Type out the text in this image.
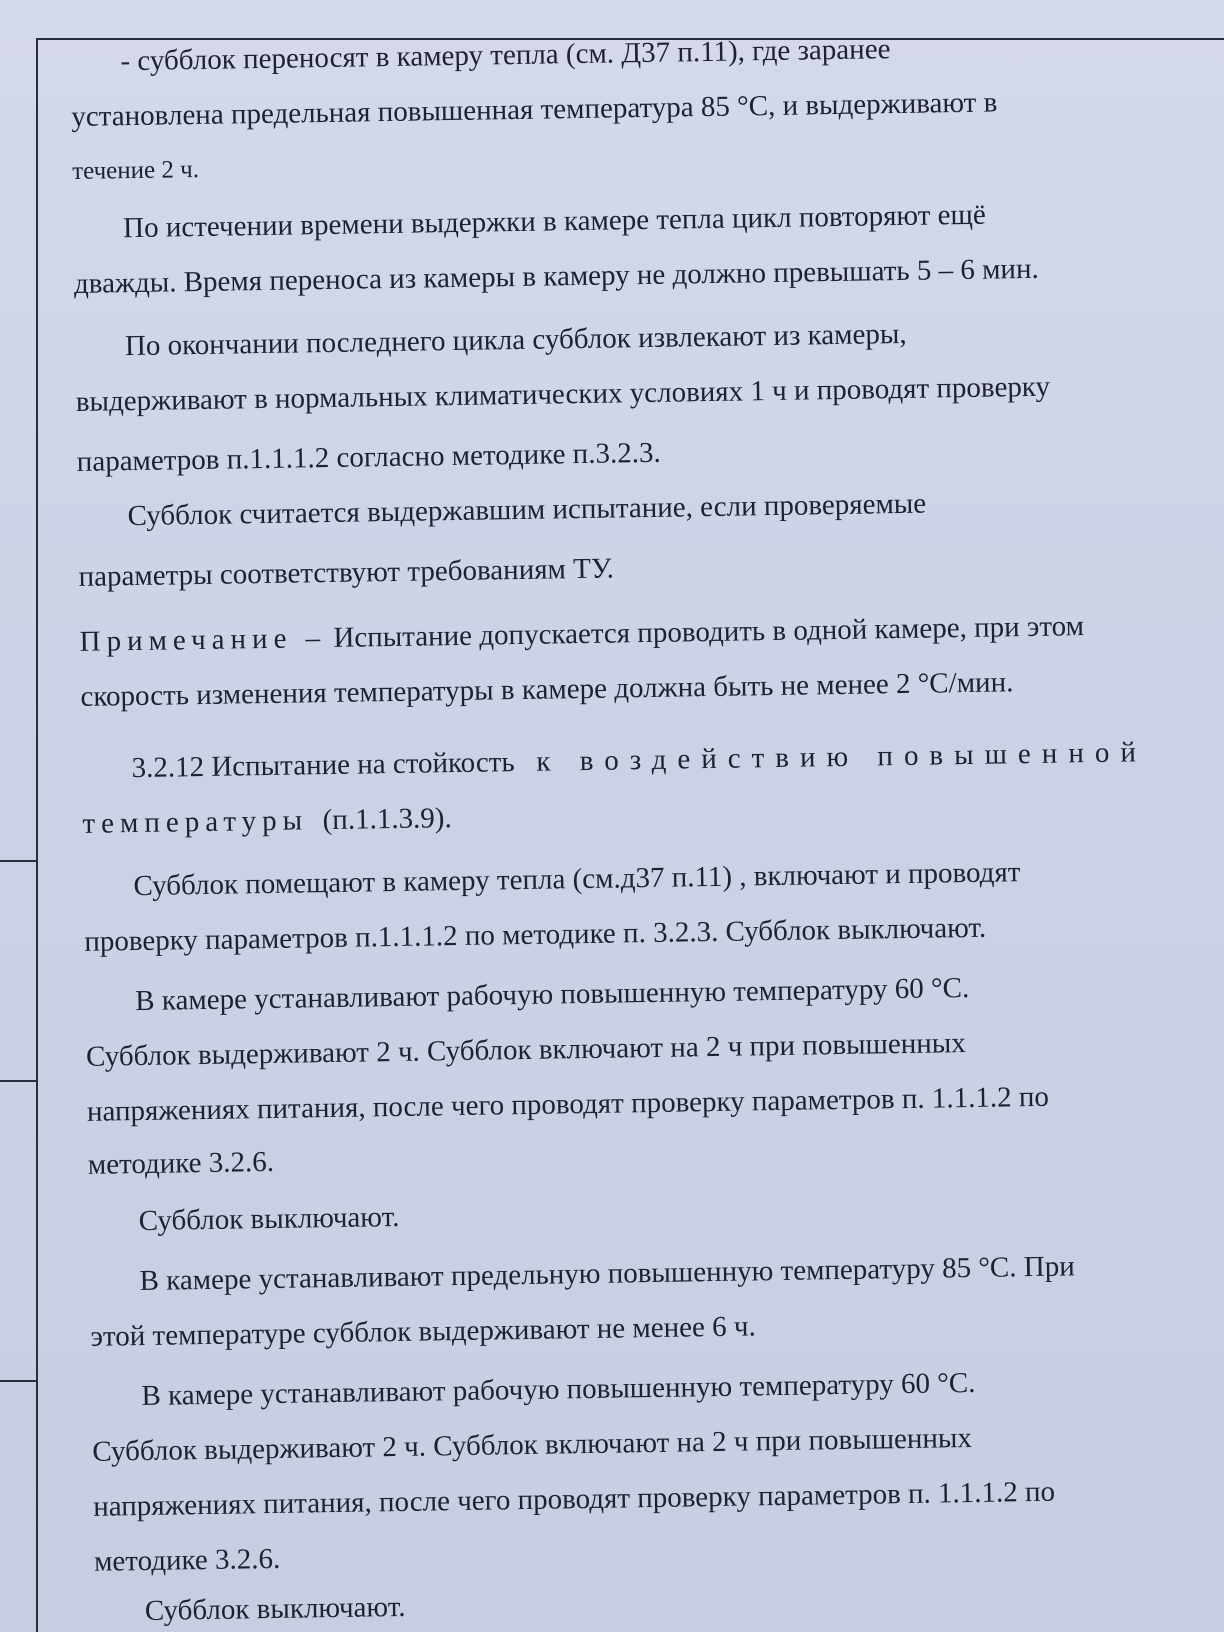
- субблок переносят в камеру тепла (см. Д37 п.11), где заранее
установлена предельная повышенная температура 85 °С, и выдерживают в
течение 2 ч.
По истечении времени выдержки в камере тепла цикл повторяют ещё
дважды. Время переноса из камеры в камеру не должно превышать 5 – 6 мин.
По окончании последнего цикла субблок извлекают из камеры,
выдерживают в нормальных климатических условиях 1 ч и проводят проверку
параметров п.1.1.1.2 согласно методике п.3.2.3.
Субблок считается выдержавшим испытание, если проверяемые
параметры соответствуют требованиям ТУ.
Примечание – Испытание допускается проводить в одной камере, при этом
скорость изменения температуры в камере должна быть не менее 2 °С/мин.
3.2.12 Испытание на стойкость к воздействию повышенной
температуры (п.1.1.3.9).
Субблок помещают в камеру тепла (см.д37 п.11) , включают и проводят
проверку параметров п.1.1.1.2 по методике п. 3.2.3. Субблок выключают.
В камере устанавливают рабочую повышенную температуру 60 °С.
Субблок выдерживают 2 ч. Субблок включают на 2 ч при повышенных
напряжениях питания, после чего проводят проверку параметров п. 1.1.1.2 по
методике 3.2.6.
Субблок выключают.
В камере устанавливают предельную повышенную температуру 85 °С. При
этой температуре субблок выдерживают не менее 6 ч.
В камере устанавливают рабочую повышенную температуру 60 °С.
Субблок выдерживают 2 ч. Субблок включают на 2 ч при повышенных
напряжениях питания, после чего проводят проверку параметров п. 1.1.1.2 по
методике 3.2.6.
Субблок выключают.
